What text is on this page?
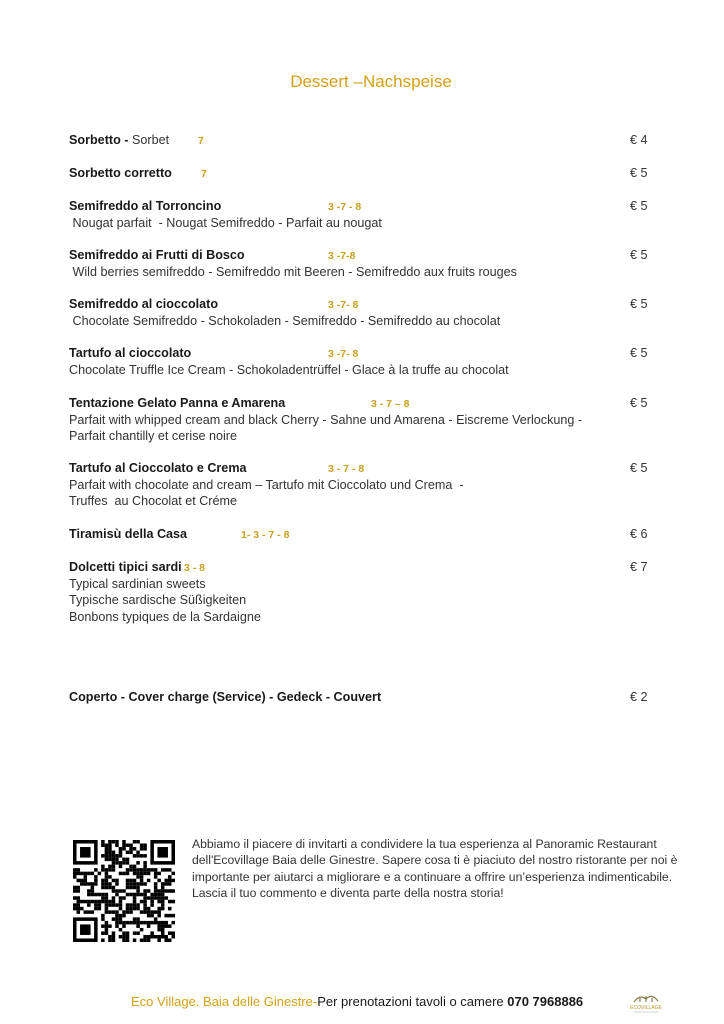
Dessert –Nachspeise
Sorbetto - Sorbet	7	€ 4
Sorbetto corretto	7	€ 5
Semifreddo al Torroncino	3 -7 - 8	€ 5
Nougat parfait  - Nougat Semifreddo - Parfait au nougat
Semifreddo ai Frutti di Bosco	3 -7-8	€ 5
Wild berries semifreddo - Semifreddo mit Beeren - Semifreddo aux fruits rouges
Semifreddo al cioccolato	3 -7- 8	€ 5
Chocolate Semifreddo - Schokoladen - Semifreddo - Semifreddo au chocolat
Tartufo al cioccolato	3 -7- 8	€ 5
Chocolate Truffle Ice Cream - Schokoladentrüffel - Glace à la truffe au chocolat
Tentazione Gelato Panna e Amarena	3 - 7 – 8	€ 5
Parfait with whipped cream and black Cherry - Sahne und Amarena - Eiscreme Verlockung -
Parfait chantilly et cerise noire
Tartufo al Cioccolato e Crema	3 - 7 - 8	€ 5
Parfait with chocolate and cream – Tartufo mit Cioccolato und Crema  -
Truffes  au Chocolat et Créme
Tiramisù della Casa	1- 3 - 7 - 8	€ 6
Dolcetti tipici sardi 3 - 8	€ 7
Typical sardinian sweets
Typische sardische Süßigkeiten
Bonbons typiques de la Sardaigne
Coperto - Cover charge (Service) - Gedeck - Couvert	€ 2
Abbiamo il piacere di invitarti a condividere la tua esperienza al Panoramic Restaurant dell'Ecovillage Baia delle Ginestre. Sapere cosa ti è piaciuto del nostro ristorante per noi è importante per aiutarci a migliorare e a continuare a offrire un’esperienza indimenticabile. Lascia il tuo commento e diventa parte della nostra storia!
Eco Village. Baia delle Ginestre-Per prenotazioni tavoli o camere 070 7968886	ECOVILLAGE
